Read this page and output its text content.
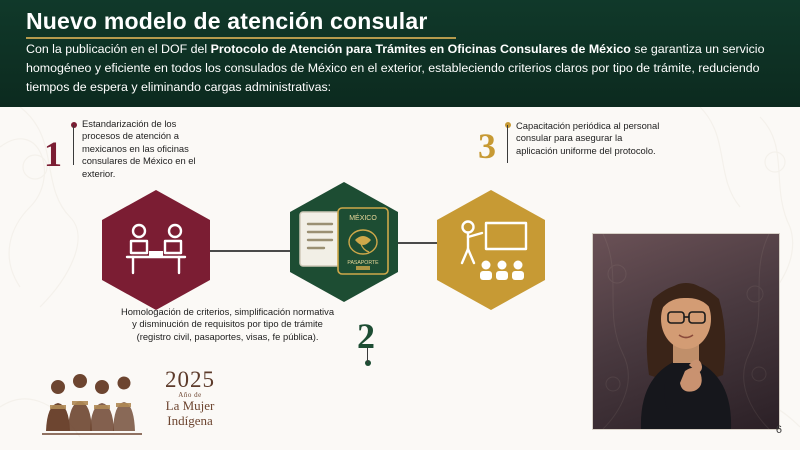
Nuevo modelo de atención consular
Con la publicación en el DOF del Protocolo de Atención para Trámites en Oficinas Consulares de México se garantiza un servicio homogéneo y eficiente en todos los consulados de México en el exterior, estableciendo criterios claros por tipo de trámite, reduciendo tiempos de espera y eliminando cargas administrativas:
MÉXICO
PASAPORTE
1
Estandarización de los procesos de atención a mexicanos en las oficinas consulares de México en el exterior.
2
Homologación de criterios, simplificación normativa y disminución de requisitos por tipo de trámite (registro civil, pasaportes, visas, fe pública).
3
Capacitación periódica al personal consular para asegurar la aplicación uniforme del protocolo.
2025
Año de
La Mujer
Indígena
6
